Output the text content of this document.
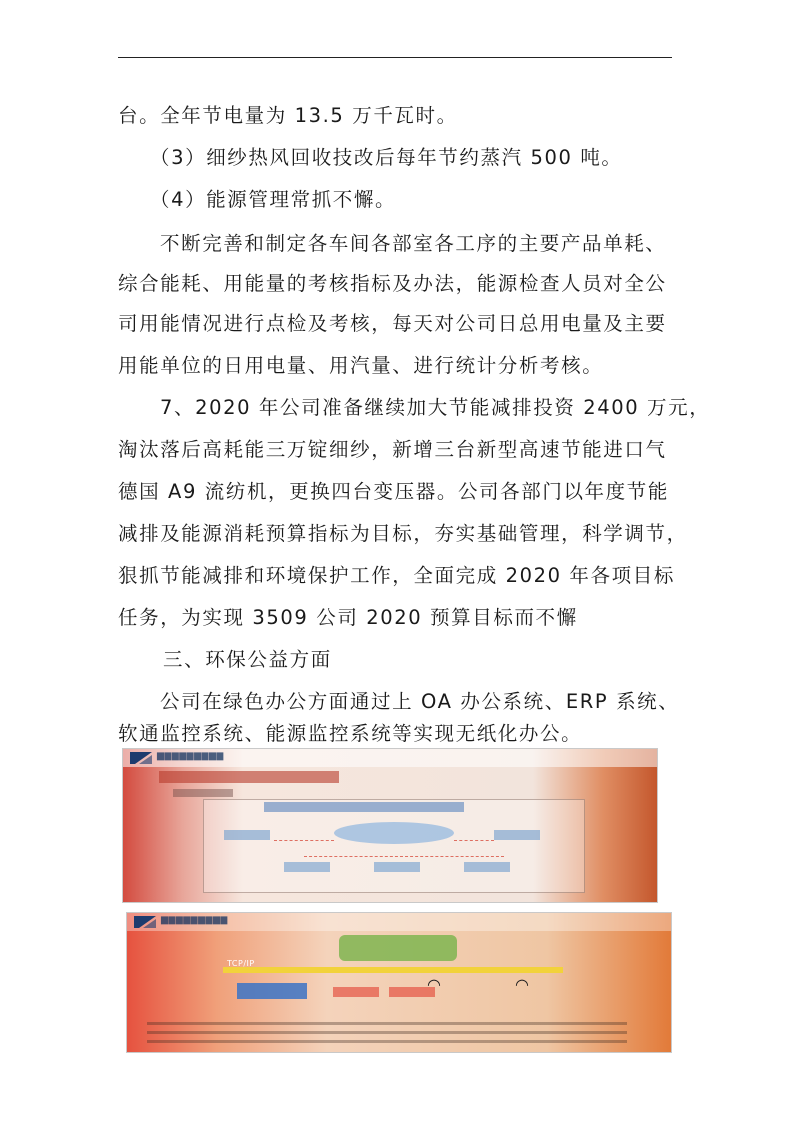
台。全年节电量为 13.5 万千瓦时。
（3）细纱热风回收技改后每年节约蒸汽 500 吨。
（4）能源管理常抓不懈。
不断完善和制定各车间各部室各工序的主要产品单耗、
综合能耗、用能量的考核指标及办法，能源检查人员对全公
司用能情况进行点检及考核，每天对公司日总用电量及主要
用能单位的日用电量、用汽量、进行统计分析考核。
7、2020 年公司准备继续加大节能减排投资 2400 万元，
淘汰落后高耗能三万锭细纱，新增三台新型高速节能进口气
德国 A9 流纺机，更换四台变压器。公司各部门以年度节能
减排及能源消耗预算指标为目标，夯实基础管理，科学调节，
狠抓节能减排和环境保护工作，全面完成 2020 年各项目标
任务，为实现 3509 公司 2020 预算目标而不懈
三、环保公益方面
公司在绿色办公方面通过上 OA 办公系统、ERP 系统、
软通监控系统、能源监控系统等实现无纸化办公。
▆▆▆▆▆▆▆▆▆
▆▆▆▆▆▆▆▆▆
TCP/IP
◠	◠
